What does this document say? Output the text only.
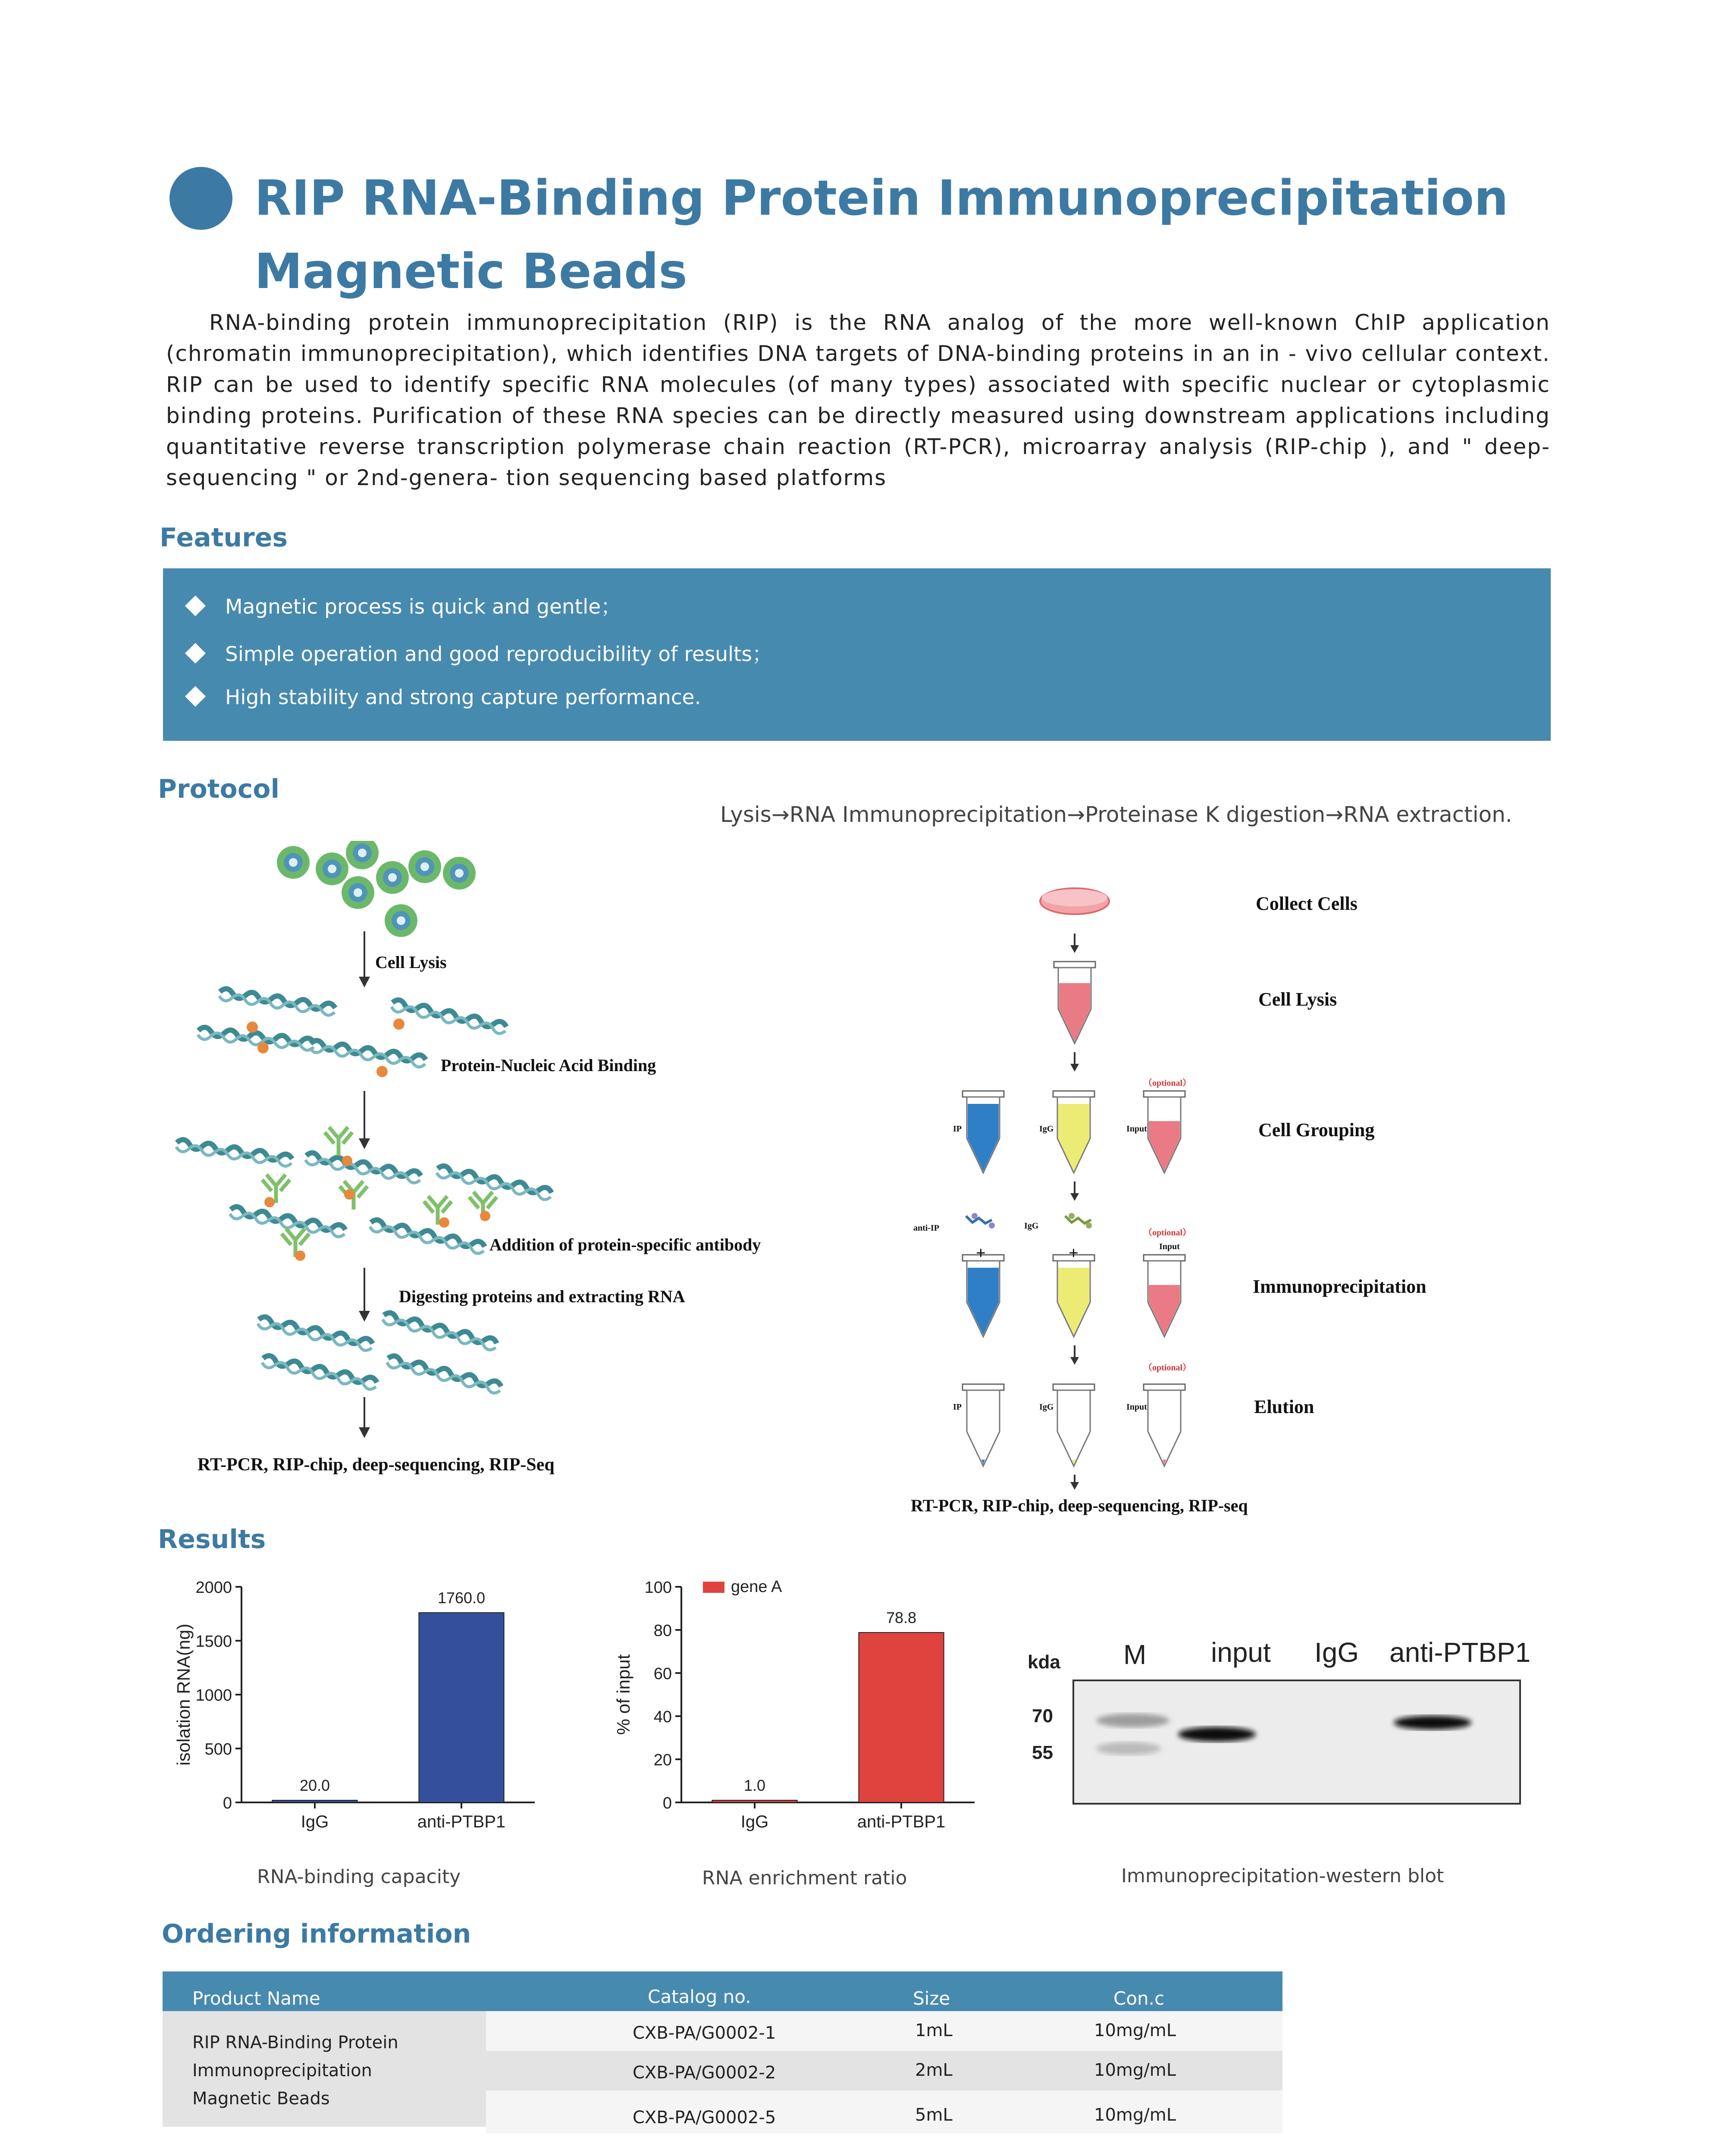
RIP RNA-Binding Protein Immunoprecipitation
Magnetic Beads
RNA-binding protein immunoprecipitation (RIP) is the RNA analog of the more well-known ChIP application (chromatin immunoprecipitation), which identifies DNA targets of DNA-binding proteins in an in - vivo cellular context. RIP can be used to identify specific RNA molecules (of many types) associated with specific nuclear or cytoplasmic binding proteins. Purification of these RNA species can be directly measured using downstream applications including quantitative reverse transcription polymerase chain reaction (RT-PCR), microarray analysis (RIP-chip ), and " deep-sequencing " or 2nd-genera- tion sequencing based platforms
Features
Magnetic process is quick and gentle；
Simple operation and good reproducibility of results；
High stability and strong capture performance.
Protocol
Lysis→RNA Immunoprecipitation→Proteinase K digestion→RNA extraction.
Cell Lysis
Protein-Nucleic Acid Binding
Addition of protein-specific antibody
Digesting proteins and extracting RNA
RT-PCR, RIP-chip, deep-sequencing, RIP-Seq
Collect Cells
Cell Lysis
Cell Grouping
Immunoprecipitation
Elution
RT-PCR, RIP-chip, deep-sequencing, RIP-seq
IP	IgG	Input
（optional）
anti-IP	IgG
（optional）
Input
+	+
（optional）
IP	IgG	Input
Results
0
500
1000
1500
2000
IgG
20.0
anti-PTBP1
1760.0
isolation RNA(ng)
0
20
40
60
80
100
IgG
1.0
anti-PTBP1
78.8
% of input
gene A
RNA-binding capacity	RNA enrichment ratio	Immunoprecipitation-western blot
kda M input IgG anti-PTBP1
70
55
Ordering information
Product Name	Catalog no.	Size	Con.c
RIP RNA-Binding Protein
Immunoprecipitation
Magnetic Beads
CXB-PA/G0002-1	1mL	10mg/mL
CXB-PA/G0002-2	2mL	10mg/mL
CXB-PA/G0002-5	5mL	10mg/mL
